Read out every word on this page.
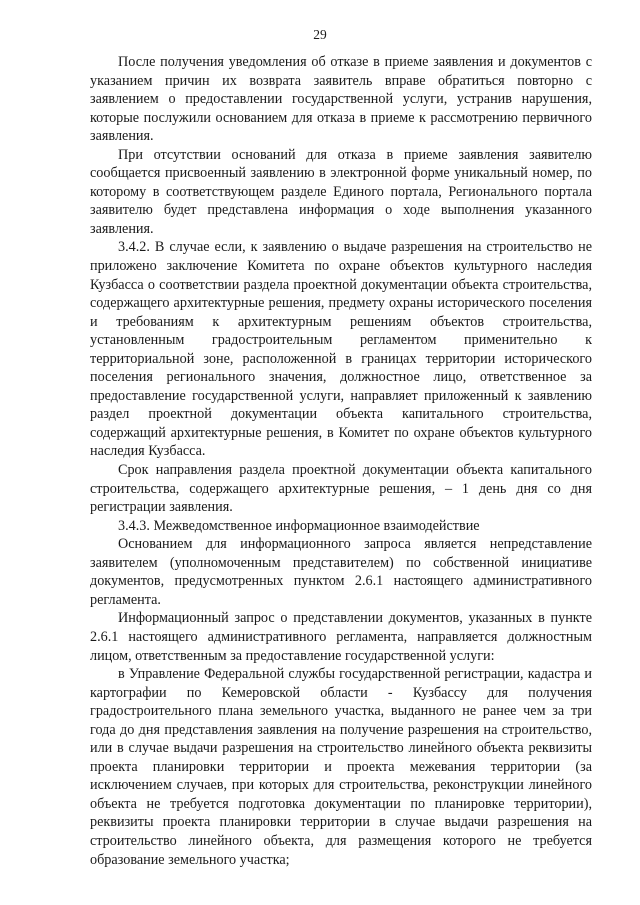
29

После получения уведомления об отказе в приеме заявления и документов с указанием причин их возврата заявитель вправе обратиться повторно с заявлением о предоставлении государственной услуги, устранив нарушения, которые послужили основанием для отказа в приеме к рассмотрению первичного заявления.

При отсутствии оснований для отказа в приеме заявления заявителю сообщается присвоенный заявлению в электронной форме уникальный номер, по которому в соответствующем разделе Единого портала, Регионального портала заявителю будет представлена информация о ходе выполнения указанного заявления.

3.4.2. В случае если, к заявлению о выдаче разрешения на строительство не приложено заключение Комитета по охране объектов культурного наследия Кузбасса о соответствии раздела проектной документации объекта строительства, содержащего архитектурные решения, предмету охраны исторического поселения и требованиям к архитектурным решениям объектов строительства, установленным градостроительным регламентом применительно к территориальной зоне, расположенной в границах территории исторического поселения регионального значения, должностное лицо, ответственное за предоставление государственной услуги, направляет приложенный к заявлению раздел проектной документации объекта капитального строительства, содержащий архитектурные решения, в Комитет по охране объектов культурного наследия Кузбасса.

Срок направления раздела проектной документации объекта капитального строительства, содержащего архитектурные решения, – 1 день дня со дня регистрации заявления.

3.4.3. Межведомственное информационное взаимодействие

Основанием для информационного запроса является непредставление заявителем (уполномоченным представителем) по собственной инициативе документов, предусмотренных пунктом 2.6.1 настоящего административного регламента.

Информационный запрос о представлении документов, указанных в пункте 2.6.1 настоящего административного регламента, направляется должностным лицом, ответственным за предоставление государственной услуги:

в Управление Федеральной службы государственной регистрации, кадастра и картографии по Кемеровской области - Кузбассу для получения градостроительного плана земельного участка, выданного не ранее чем за три года до дня представления заявления на получение разрешения на строительство, или в случае выдачи разрешения на строительство линейного объекта реквизиты проекта планировки территории и проекта межевания территории (за исключением случаев, при которых для строительства, реконструкции линейного объекта не требуется подготовка документации по планировке территории), реквизиты проекта планировки территории в случае выдачи разрешения на строительство линейного объекта, для размещения которого не требуется образование земельного участка;
